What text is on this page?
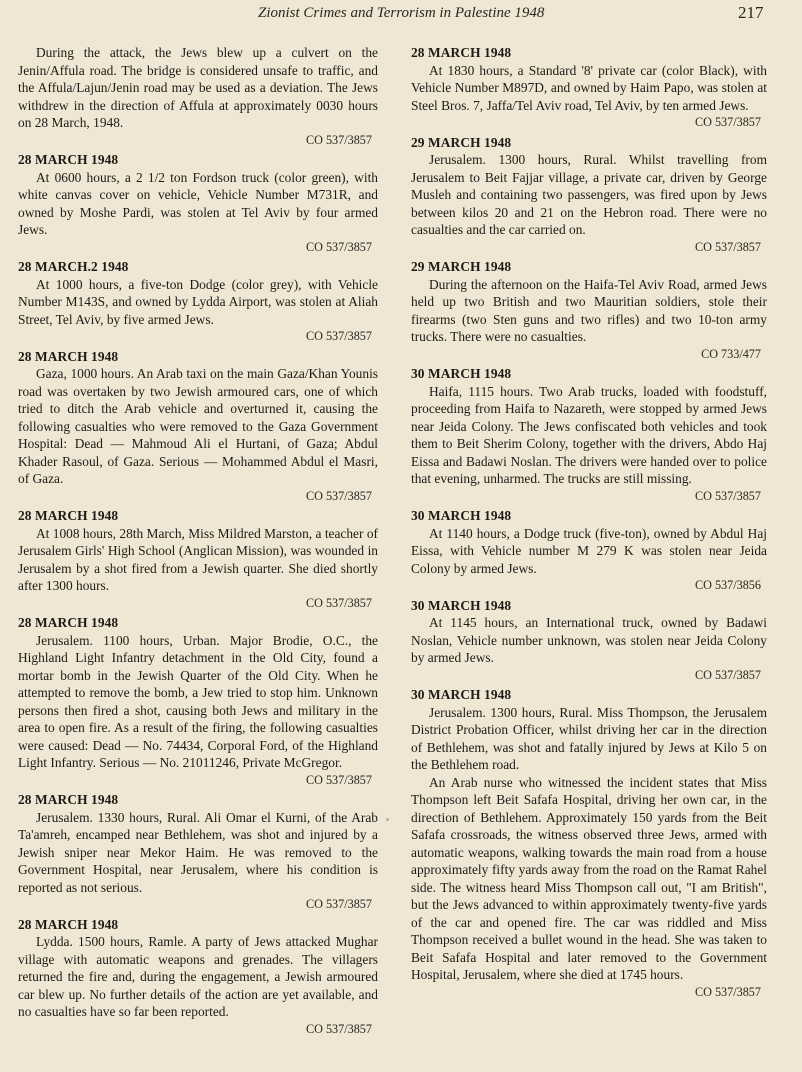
Zionist Crimes and Terrorism in Palestine 1948	217

During the attack, the Jews blew up a culvert on the Jenin/Affula road. The bridge is considered unsafe to traffic, and the Affula/Lajun/Jenin road may be used as a deviation. The Jews withdrew in the direction of Affula at approximately 0030 hours on 28 March, 1948.

CO 537/3857

28 MARCH 1948

At 0600 hours, a 2 1/2 ton Fordson truck (color green), with white canvas cover on vehicle, Vehicle Number M731R, and owned by Moshe Pardi, was stolen at Tel Aviv by four armed Jews.

CO 537/3857

28 MARCH.2 1948

At 1000 hours, a five-ton Dodge (color grey), with Vehicle Number M143S, and owned by Lydda Airport, was stolen at Aliah Street, Tel Aviv, by five armed Jews.

CO 537/3857

28 MARCH 1948

Gaza, 1000 hours. An Arab taxi on the main Gaza/Khan Younis road was overtaken by two Jewish armoured cars, one of which tried to ditch the Arab vehicle and overturned it, causing the following casualties who were removed to the Gaza Government Hospital: Dead — Mahmoud Ali el Hurtani, of Gaza; Abdul Khader Rasoul, of Gaza. Serious — Mohammed Abdul el Masri, of Gaza.

CO 537/3857

28 MARCH 1948

At 1008 hours, 28th March, Miss Mildred Marston, a teacher of Jerusalem Girls' High School (Anglican Mission), was wounded in Jerusalem by a shot fired from a Jewish quarter. She died shortly after 1300 hours.

CO 537/3857

28 MARCH 1948

Jerusalem. 1100 hours, Urban. Major Brodie, O.C., the Highland Light Infantry detachment in the Old City, found a mortar bomb in the Jewish Quarter of the Old City. When he attempted to remove the bomb, a Jew tried to stop him. Unknown persons then fired a shot, causing both Jews and military in the area to open fire. As a result of the firing, the following casualties were caused: Dead — No. 74434, Corporal Ford, of the Highland Light Infantry. Serious — No. 21011246, Private McGregor.

CO 537/3857

28 MARCH 1948

Jerusalem. 1330 hours, Rural. Ali Omar el Kurni, of the Arab Ta'amreh, encamped near Bethlehem, was shot and injured by a Jewish sniper near Mekor Haim. He was removed to the Government Hospital, near Jerusalem, where his condition is reported as not serious.

CO 537/3857

28 MARCH 1948

Lydda. 1500 hours, Ramle. A party of Jews attacked Mughar village with automatic weapons and grenades. The villagers returned the fire and, during the engagement, a Jewish armoured car blew up. No further details of the action are yet available, and no casualties have so far been reported.

CO 537/3857

28 MARCH 1948

At 1830 hours, a Standard '8' private car (color Black), with Vehicle Number M897D, and owned by Haim Papo, was stolen at Steel Bros. 7, Jaffa/Tel Aviv road, Tel Aviv, by ten armed Jews.

CO 537/3857

29 MARCH 1948

Jerusalem. 1300 hours, Rural. Whilst travelling from Jerusalem to Beit Fajjar village, a private car, driven by George Musleh and containing two passengers, was fired upon by Jews between kilos 20 and 21 on the Hebron road. There were no casualties and the car carried on.

CO 537/3857

29 MARCH 1948

During the afternoon on the Haifa-Tel Aviv Road, armed Jews held up two British and two Mauritian soldiers, stole their firearms (two Sten guns and two rifles) and two 10-ton army trucks. There were no casualties.

CO 733/477

30 MARCH 1948

Haifa, 1115 hours. Two Arab trucks, loaded with foodstuff, proceeding from Haifa to Nazareth, were stopped by armed Jews near Jeida Colony. The Jews confiscated both vehicles and took them to Beit Sherim Colony, together with the drivers, Abdo Haj Eissa and Badawi Noslan. The drivers were handed over to police that evening, unharmed. The trucks are still missing.

CO 537/3857

30 MARCH 1948

At 1140 hours, a Dodge truck (five-ton), owned by Abdul Haj Eissa, with Vehicle number M 279 K was stolen near Jeida Colony by armed Jews.

CO 537/3856

30 MARCH 1948

At 1145 hours, an International truck, owned by Badawi Noslan, Vehicle number unknown, was stolen near Jeida Colony by armed Jews.

CO 537/3857

30 MARCH 1948

Jerusalem. 1300 hours, Rural. Miss Thompson, the Jerusalem District Probation Officer, whilst driving her car in the direction of Bethlehem, was shot and fatally injured by Jews at Kilo 5 on the Bethlehem road.

An Arab nurse who witnessed the incident states that Miss Thompson left Beit Safafa Hospital, driving her own car, in the direction of Bethlehem. Approximately 150 yards from the Beit Safafa crossroads, the witness observed three Jews, armed with automatic weapons, walking towards the main road from a house approximately fifty yards away from the road on the Ramat Rahel side. The witness heard Miss Thompson call out, "I am British", but the Jews advanced to within approximately twenty-five yards of the car and opened fire. The car was riddled and Miss Thompson received a bullet wound in the head. She was taken to Beit Safafa Hospital and later removed to the Government Hospital, Jerusalem, where she died at 1745 hours.

CO 537/3857
